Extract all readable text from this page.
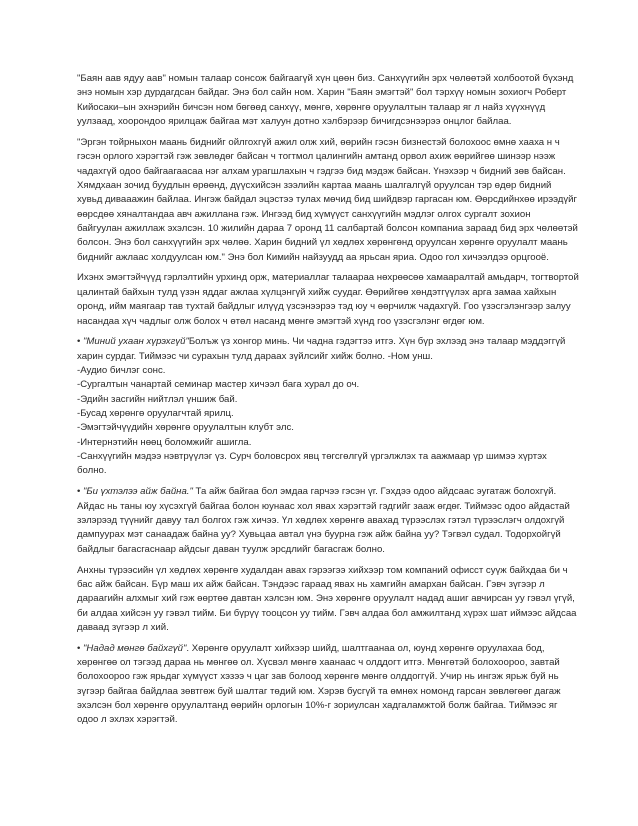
"Баян аав ядуу аав" номын талаар сонсож байгаагүй хүн цөөн биз. Санхүүгийн эрх чөлөөтэй холбоотой бүхэнд
энэ номын хэр дурдагдсан байдаг. Энэ бол сайн ном. Харин "Баян эмэгтэй" бол тэрхүү номын зохиогч Роберт
Кийосаки–ын эхнэрийн бичсэн ном бөгөөд санхүү, мөнгө, хөрөнгө оруулалтын талаар яг л найз хүүхнүүд
уулзаад, хоорондоо ярилцаж байгаа мэт халуун дотно хэлбэрээр бичигдсэнээрээ онцлог байлаа.

"Эргэн тойрныхон маань биднийг ойлгохгүй ажил олж хий, өөрийн гэсэн бизнестэй болохоос өмнө хааха н ч
гэсэн орлого хэрэгтэй гэж зөвлөдөг байсан ч тогтмол цалингийн амтанд орвол ахиж өөрийгөө шинээр нээж
чадахгүй одоо байгаагаасаа нэг алхам урагшлахын ч гэдгээ бид мэдэж байсан. Үнэхээр ч бидний зөв байсан.
Хямдхаан зочид буудлын өрөөнд, дүүсхийсэн зээлийн картаа маань шалгалгүй оруулсан тэр өдөр бидний
хувьд дивааажин байлаа. Ингэж байдал эцэстээ тулах мөчид бид шийдвэр гаргасан юм. Өөрсдийнхөө ирээдүйг
өөрсдөө хяналтандаа авч ажиллана гэж. Ингээд бид хүмүүст санхүүгийн мэдлэг олгох сургалт зохион
байгуулан ажиллаж эхэлсэн. 10 жилийн дараа 7 оронд 11 салбартай болсон компаниа зараад бид эрх чөлөөтэй
болсон. Энэ бол санхүүгийн эрх чөлөө. Харин бидний үл хөдлөх хөрөнгөнд оруулсан хөрөнгө оруулалт маань
биднийг ажлаас холдуулсан юм." Энэ бол Кимийн найзуудд аа ярьсан яриа. Одоо гол хичээлдээ орцгооё.

Ихэнх эмэгтэйчүүд гэрлэлтийн урхинд орж, материаллаг талаараа нөхрөөсөө хамааралтай амьдарч, тогтвортой
цалинтай байхын тулд үзэн яддаг ажлаа хүлцэнгүй хийж суудаг. Өөрийгөө хөндэтгүүлэх арга замаа хайхын
оронд, ийм маягаар тав тухтай байдлыг илүүд үзсэнээрээ тэд юу ч өөрчилж чадахгүй. Гоо үзэсгэлэнгээр залуу
насандаа хүч чадлыг олж болох ч өтөл насанд мөнгө эмэгтэй хүнд гоо үзэсгэлэнг өгдөг юм.

• "Миний ухаан хүрэхгүй"Болъж үз хонгор минь. Чи чадна гэдэгтээ итгэ. Хүн бүр эхлээд энэ талаар мэддэггүй
харин сурдаг. Тиймээс чи сурахын тулд дараах зүйлсийг хийж болно. -Ном унш.
-Аудио бичлэг сонс.
-Сургалтын чанартай семинар мастер хичээл бага хурал до оч.
-Эдийн засгийн нийтлэл үншиж бай.
-Бусад хөрөнгө оруулагчтай ярилц.
-Эмэгтэйчүүдийн хөрөнгө оруулалтын клубт элс.
-Интернэтийн нөөц боломжийг ашигла.
-Санхүүгийн мэдээ нэвтрүүлэг үз. Сурч боловсрох явц төгсгөлгүй үргэлжлэх та аажмаар үр шимээ хүртэх
болно.

• "Би үхтэлээ айж байна." Та айж байгаа бол эмдаа гарчээ гэсэн үг. Гэхдээ одоо айдсаас эугатаж болохгүй.
Айдас нь таны юу хүсэхгүй байгаа болон юунаас хол явах хэрэгтэй гэдгийг зааж өгдөг. Тиймээс одоо айдастай
зэлэрээд түүнийг давуу тал болгох гэж хичээ. Үл хөдлөх хөрөнгө авахад түрээслэх гэтэл түрээслэгч олдохгүй
дампуурах мэт санаадаж байна уу? Хувьцаа автал үнэ буурна гэж айж байна уу? Тэгвэл судал. Тодорхойгүй
байдлыг багасгаснаар айдсыг даван туулж эрсдлийг багасгаж болно.

Анхны түрээсийн үл хөдлөх хөрөнгө худалдан авах гэрээгээ хийхээр том компаний офисст суүж байхдаа би ч
бас айж байсан. Бүр маш их айж байсан. Тэндээс гараад явах нь хамгийн амархан байсан. Гэвч зүгээр л
дараагийн алхмыг хий гэж өөртөө давтан хэлсэн юм. Энэ хөрөнгө оруулалт надад ашиг авчирсан уу гэвэл үгүй,
би алдаа хийсэн уу гэвэл тийм. Би бүрүү тооцсон уу тийм. Гэвч алдаа бол амжилтанд хүрэх шат иймээс айдсаа
даваад зүгээр л хий.

• "Надад мөнгө байхгүй". Хөрөнгө оруулалт хийхээр шийд, шалтгаанаа ол, юунд хөрөнгө оруулахаа бод,
хөрөнгөө ол тэгээд дараа нь мөнгөө ол. Хүсвэл мөнгө хаанаас ч олддогт итгэ. Мөнгөтэй болохоорoo, завтай
болохоороо гэж ярьдаг хүмүүст хэзээ ч цаг зав болоод хөрөнгө мөнгө олддоггүй. Учир нь ингэж ярьж буй нь
зүгээр байгаа байдлаа зөвтгөж буй шалтаг төдий юм. Хэрэв бусгүй та өмнөх номонд гарсан зөвлөгөөг дагаж
эхэлсэн бол хөрөнгө оруулалтанд өөрийн орлогын 10%-г зориулсан хадгаламжтой болж байгаа. Тиймээс яг
одоо л эхлэх хэрэгтэй.
